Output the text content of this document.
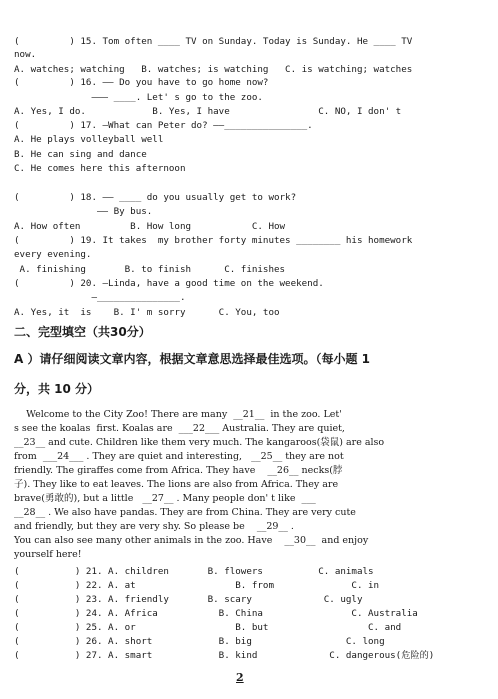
(         ) 15. Tom often ____ TV on Sunday. Today is Sunday. He ____ TV
now.
A. watches; watching   B. watches; is watching   C. is watching; watches
(         ) 16. —— Do you have to go home now?
——— ____. Let' s go to the zoo.
A. Yes, I do.            B. Yes, I have                C. NO, I don' t
(         ) 17. —What can Peter do? ——_______________.
A. He plays volleyball well
B. He can sing and dance
C. He comes here this afternoon
(         ) 18. —— ____ do you usually get to work?
—— By bus.
A. How often         B. How long           C. How
(         ) 19. It takes  my brother forty minutes ________ his homework
every evening.
A. finishing       B. to finish      C. finishes
(         ) 20. —Linda, have a good time on the weekend.
—_______________.
A. Yes, it  is    B. I' m sorry      C. You, too
二、完型填空（共30分）
A ）请仔细阅读文章内容，根据文章意思选择最佳选项。（每小题 1
分，共 10 分）
Welcome to the City Zoo! There are many  __21__  in the zoo. Let'
s see the koalas  first. Koalas are  ___22___ Australia. They are quiet,
__23__ and cute. Children like them very much. The kangaroos(袋鼠) are also
from  ___24___ . They are quiet and interesting,   __25__ they are not
friendly. The giraffes come from Africa. They have    __26__ necks(脖
子). They like to eat leaves. The lions are also from Africa. They are
brave(勇敢的), but a little   __27__ . Many people don' t like  ___
__28__ . We also have pandas. They are from China. They are very cute
and friendly, but they are very shy. So please be    __29__ .
You can also see many other animals in the zoo. Have    __30__  and enjoy
yourself here!
(          ) 21. A. children       B. flowers          C. animals
(          ) 22. A. at                  B. from              C. in
(          ) 23. A. friendly       B. scary             C. ugly
(          ) 24. A. Africa           B. China                C. Australia
(          ) 25. A. or                  B. but                  C. and
(          ) 26. A. short            B. big                 C. long
(          ) 27. A. smart            B. kind             C. dangerous(危险的)
2
